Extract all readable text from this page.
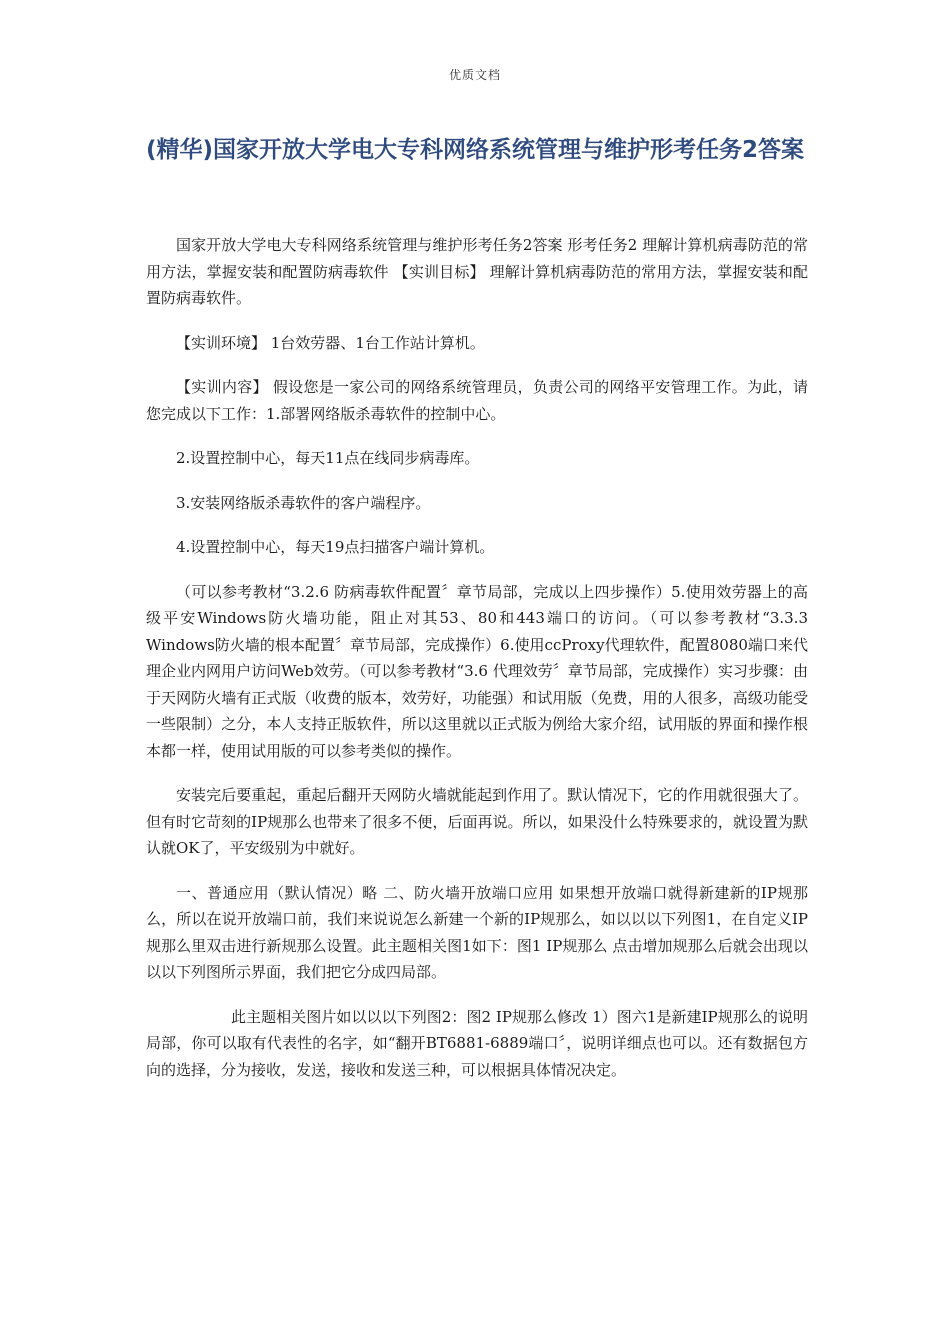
优质文档
(精华)国家开放大学电大专科网络系统管理与维护形考任务2答案

国家开放大学电大专科网络系统管理与维护形考任务2答案 形考任务2 理解计算机病毒防范的常用方法，掌握安装和配置防病毒软件 【实训目标】 理解计算机病毒防范的常用方法，掌握安装和配置防病毒软件。

【实训环境】 1台效劳器、1台工作站计算机。

【实训内容】 假设您是一家公司的网络系统管理员，负责公司的网络平安管理工作。为此，请您完成以下工作：1.部署网络版杀毒软件的控制中心。

2.设置控制中心，每天11点在线同步病毒库。

3.安装网络版杀毒软件的客户端程序。

4.设置控制中心，每天19点扫描客户端计算机。

（可以参考教材“3.2.6 防病毒软件配置〞章节局部，完成以上四步操作）5.使用效劳器上的高级平安Windows防火墙功能，阻止对其53、80和443端口的访问。（可以参考教材“3.3.3 Windows防火墙的根本配置〞章节局部，完成操作）6.使用ccProxy代理软件，配置8080端口来代理企业内网用户访问Web效劳。（可以参考教材“3.6 代理效劳〞章节局部，完成操作）实习步骤：由于天网防火墙有正式版（收费的版本，效劳好，功能强）和试用版（免费，用的人很多，高级功能受一些限制）之分，本人支持正版软件，所以这里就以正式版为例给大家介绍，试用版的界面和操作根本都一样，使用试用版的可以参考类似的操作。

安装完后要重起，重起后翻开天网防火墙就能起到作用了。默认情况下，它的作用就很强大了。但有时它苛刻的IP规那么也带来了很多不便，后面再说。所以，如果没什么特殊要求的，就设置为默认就OK了，平安级别为中就好。

一、普通应用（默认情况）略 二、防火墙开放端口应用 如果想开放端口就得新建新的IP规那么，所以在说开放端口前，我们来说说怎么新建一个新的IP规那么，如以以以下列图1，在自定义IP规那么里双击进行新规那么设置。此主题相关图1如下：图1 IP规那么 点击增加规那么后就会出现以以以下列图所示界面，我们把它分成四局部。

此主题相关图片如以以以下列图2：图2 IP规那么修改 1）图六1是新建IP规那么的说明局部，你可以取有代表性的名字，如“翻开BT6881-6889端口〞，说明详细点也可以。还有数据包方向的选择，分为接收，发送，接收和发送三种，可以根据具体情况决定。
